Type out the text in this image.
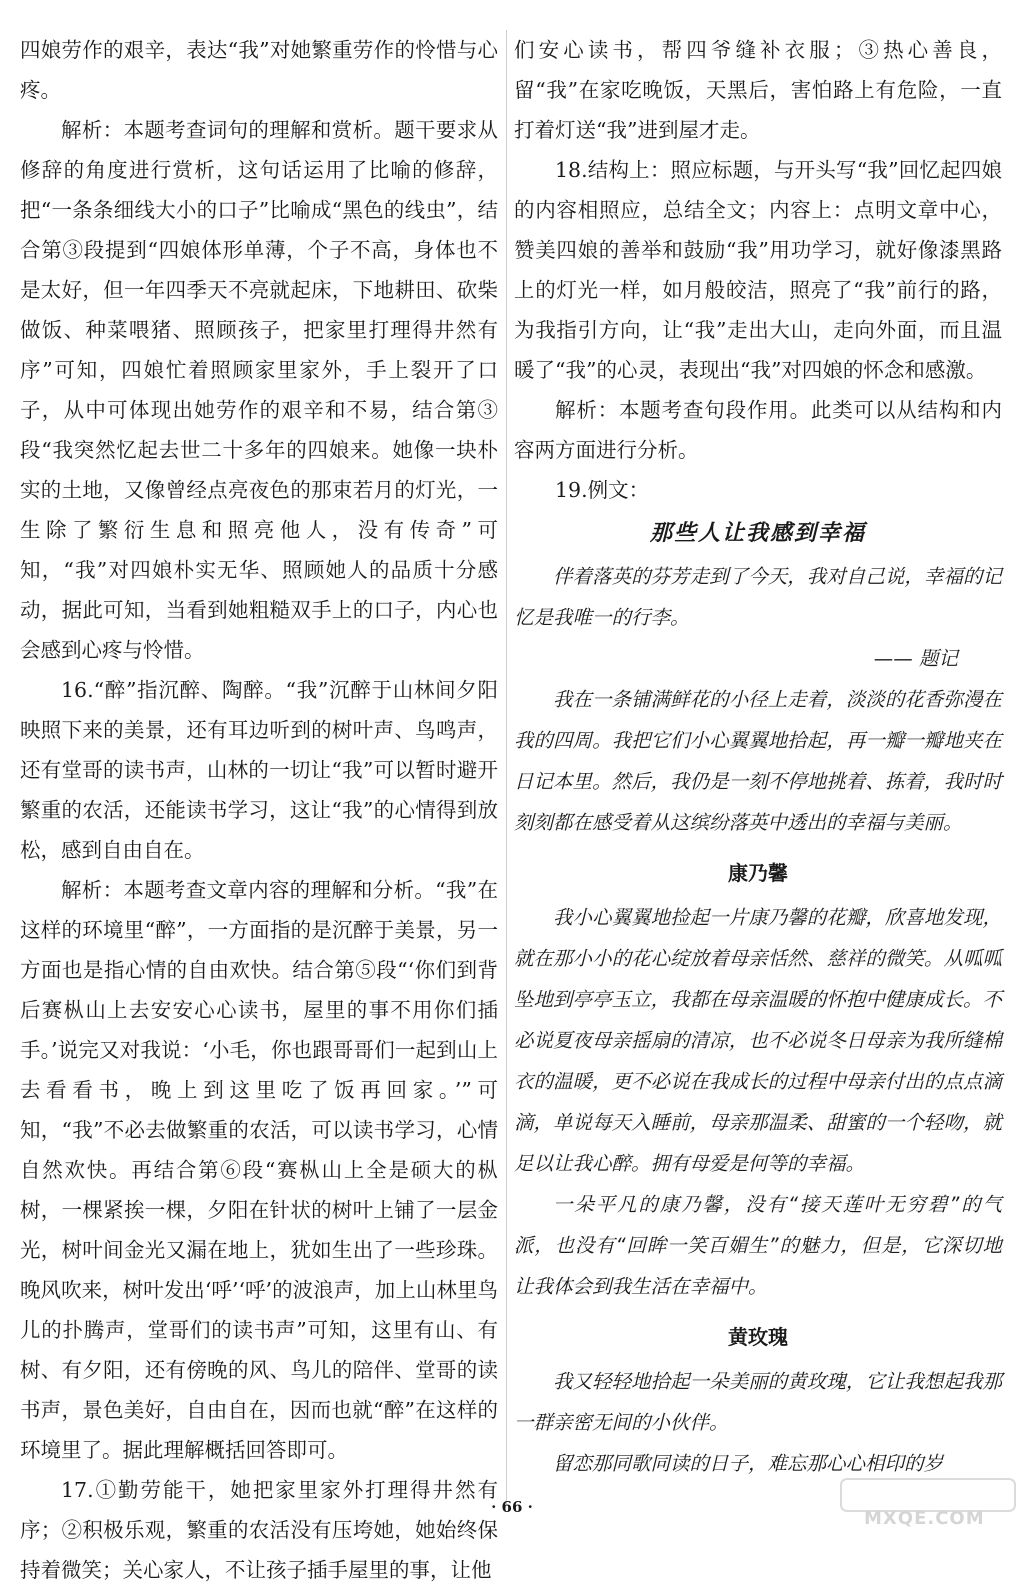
四娘劳作的艰辛，表达“我”对她繁重劳作的怜惜与心疼。

解析：本题考查词句的理解和赏析。题干要求从修辞的角度进行赏析，这句话运用了比喻的修辞，把“一条条细线大小的口子”比喻成“黑色的线虫”，结合第③段提到“四娘体形单薄，个子不高，身体也不是太好，但一年四季天不亮就起床，下地耕田、砍柴做饭、种菜喂猪、照顾孩子，把家里打理得井然有序”可知，四娘忙着照顾家里家外，手上裂开了口子，从中可体现出她劳作的艰辛和不易，结合第③段“我突然忆起去世二十多年的四娘来。她像一块朴实的土地，又像曾经点亮夜色的那束若月的灯光，一生除了繁衍生息和照亮他人，没有传奇”可知，“我”对四娘朴实无华、照顾她人的品质十分感动，据此可知，当看到她粗糙双手上的口子，内心也会感到心疼与怜惜。

16.“醉”指沉醉、陶醉。“我”沉醉于山林间夕阳映照下来的美景，还有耳边听到的树叶声、鸟鸣声，还有堂哥的读书声，山林的一切让“我”可以暂时避开繁重的农活，还能读书学习，这让“我”的心情得到放松，感到自由自在。

解析：本题考查文章内容的理解和分析。“我”在这样的环境里“醉”，一方面指的是沉醉于美景，另一方面也是指心情的自由欢快。结合第⑤段“‘你们到背后赛枞山上去安安心心读书，屋里的事不用你们插手。’说完又对我说：‘小毛，你也跟哥哥们一起到山上去看看书，晚上到这里吃了饭再回家。’”可知，“我”不必去做繁重的农活，可以读书学习，心情自然欢快。再结合第⑥段“赛枞山上全是硕大的枞树，一棵紧挨一棵，夕阳在针状的树叶上铺了一层金光，树叶间金光又漏在地上，犹如生出了一些珍珠。晚风吹来，树叶发出‘呼’‘呼’的波浪声，加上山林里鸟儿的扑腾声，堂哥们的读书声”可知，这里有山、有树、有夕阳，还有傍晚的风、鸟儿的陪伴、堂哥的读书声，景色美好，自由自在，因而也就“醉”在这样的环境里了。据此理解概括回答即可。

17.①勤劳能干，她把家里家外打理得井然有序；②积极乐观，繁重的农活没有压垮她，她始终保持着微笑；关心家人，不让孩子插手屋里的事，让他

们安心读书，帮四爷缝补衣服；③热心善良，留“我”在家吃晚饭，天黑后，害怕路上有危险，一直打着灯送“我”进到屋才走。

18.结构上：照应标题，与开头写“我”回忆起四娘的内容相照应，总结全文；内容上：点明文章中心，赞美四娘的善举和鼓励“我”用功学习，就好像漆黑路上的灯光一样，如月般皎洁，照亮了“我”前行的路，为我指引方向，让“我”走出大山，走向外面，而且温暖了“我”的心灵，表现出“我”对四娘的怀念和感激。

解析：本题考查句段作用。此类可以从结构和内容两方面进行分析。

19.例文：

那些人让我感到幸福

伴着落英的芬芳走到了今天，我对自己说，幸福的记忆是我唯一的行李。

—— 题记

我在一条铺满鲜花的小径上走着，淡淡的花香弥漫在我的四周。我把它们小心翼翼地拾起，再一瓣一瓣地夹在日记本里。然后，我仍是一刻不停地挑着、拣着，我时时刻刻都在感受着从这缤纷落英中透出的幸福与美丽。

康乃馨

我小心翼翼地捡起一片康乃馨的花瓣，欣喜地发现，就在那小小的花心绽放着母亲恬然、慈祥的微笑。从呱呱坠地到亭亭玉立，我都在母亲温暖的怀抱中健康成长。不必说夏夜母亲摇扇的清凉，也不必说冬日母亲为我所缝棉衣的温暖，更不必说在我成长的过程中母亲付出的点点滴滴，单说每天入睡前，母亲那温柔、甜蜜的一个轻吻，就足以让我心醉。拥有母爱是何等的幸福。

一朵平凡的康乃馨，没有“接天莲叶无穷碧”的气派，也没有“回眸一笑百媚生”的魅力，但是，它深切地让我体会到我生活在幸福中。

黄玫瑰

我又轻轻地拾起一朵美丽的黄玫瑰，它让我想起我那一群亲密无间的小伙伴。

留恋那同歌同读的日子，难忘那心心相印的岁

· 66 ·
MXQE.COM
